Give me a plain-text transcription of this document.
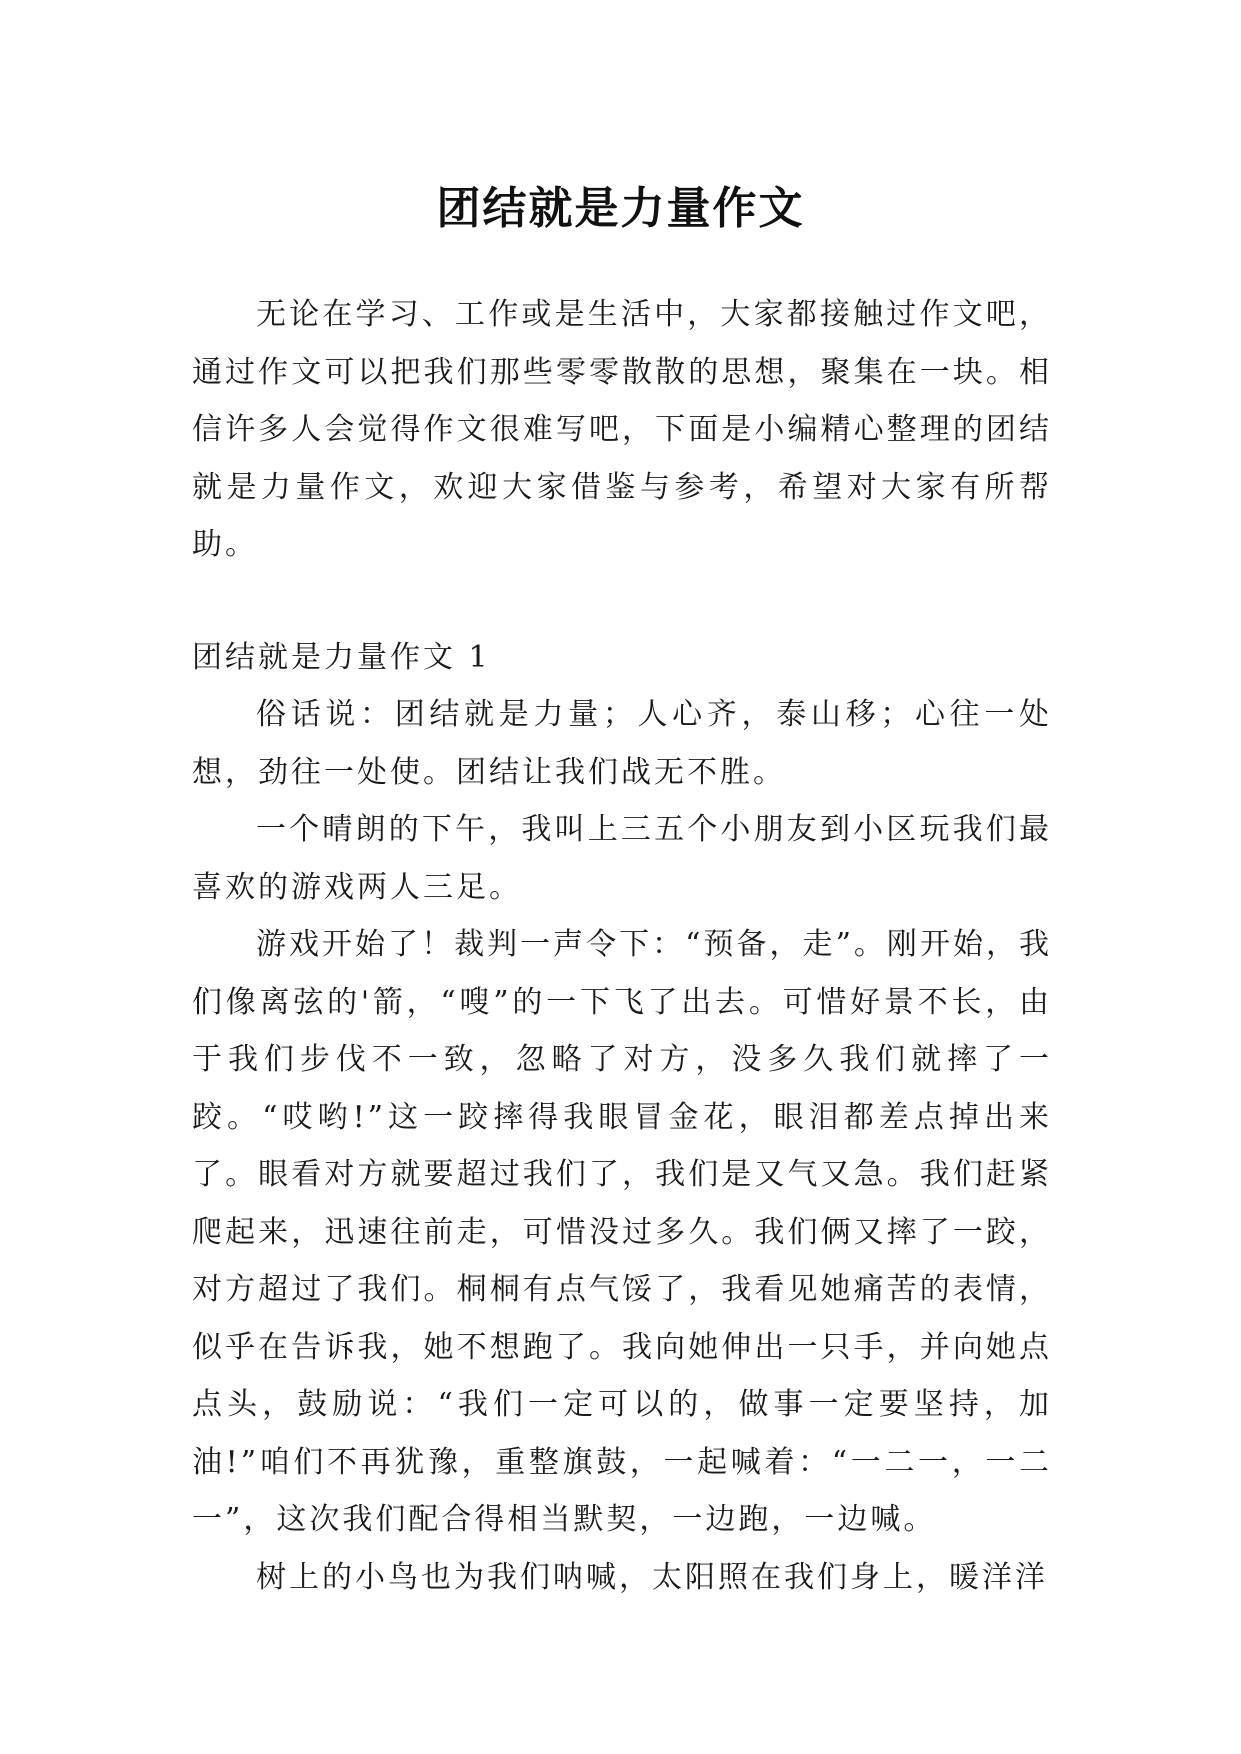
团结就是力量作文

无论在学习、工作或是生活中，大家都接触过作文吧，通过作文可以把我们那些零零散散的思想，聚集在一块。相信许多人会觉得作文很难写吧，下面是小编精心整理的团结就是力量作文，欢迎大家借鉴与参考，希望对大家有所帮助。

团结就是力量作文 1

俗话说：团结就是力量；人心齐，泰山移；心往一处想，劲往一处使。团结让我们战无不胜。

一个晴朗的下午，我叫上三五个小朋友到小区玩我们最喜欢的游戏两人三足。

游戏开始了！裁判一声令下：“预备，走”。刚开始，我们像离弦的'箭，“嗖”的一下飞了出去。可惜好景不长，由于我们步伐不一致，忽略了对方，没多久我们就摔了一跤。“哎哟!”这一跤摔得我眼冒金花，眼泪都差点掉出来了。眼看对方就要超过我们了，我们是又气又急。我们赶紧爬起来，迅速往前走，可惜没过多久。我们俩又摔了一跤，对方超过了我们。桐桐有点气馁了，我看见她痛苦的表情，似乎在告诉我，她不想跑了。我向她伸出一只手，并向她点点头，鼓励说：“我们一定可以的，做事一定要坚持，加油!”咱们不再犹豫，重整旗鼓，一起喊着：“一二一，一二一”，这次我们配合得相当默契，一边跑，一边喊。

树上的小鸟也为我们呐喊，太阳照在我们身上，暖洋洋
